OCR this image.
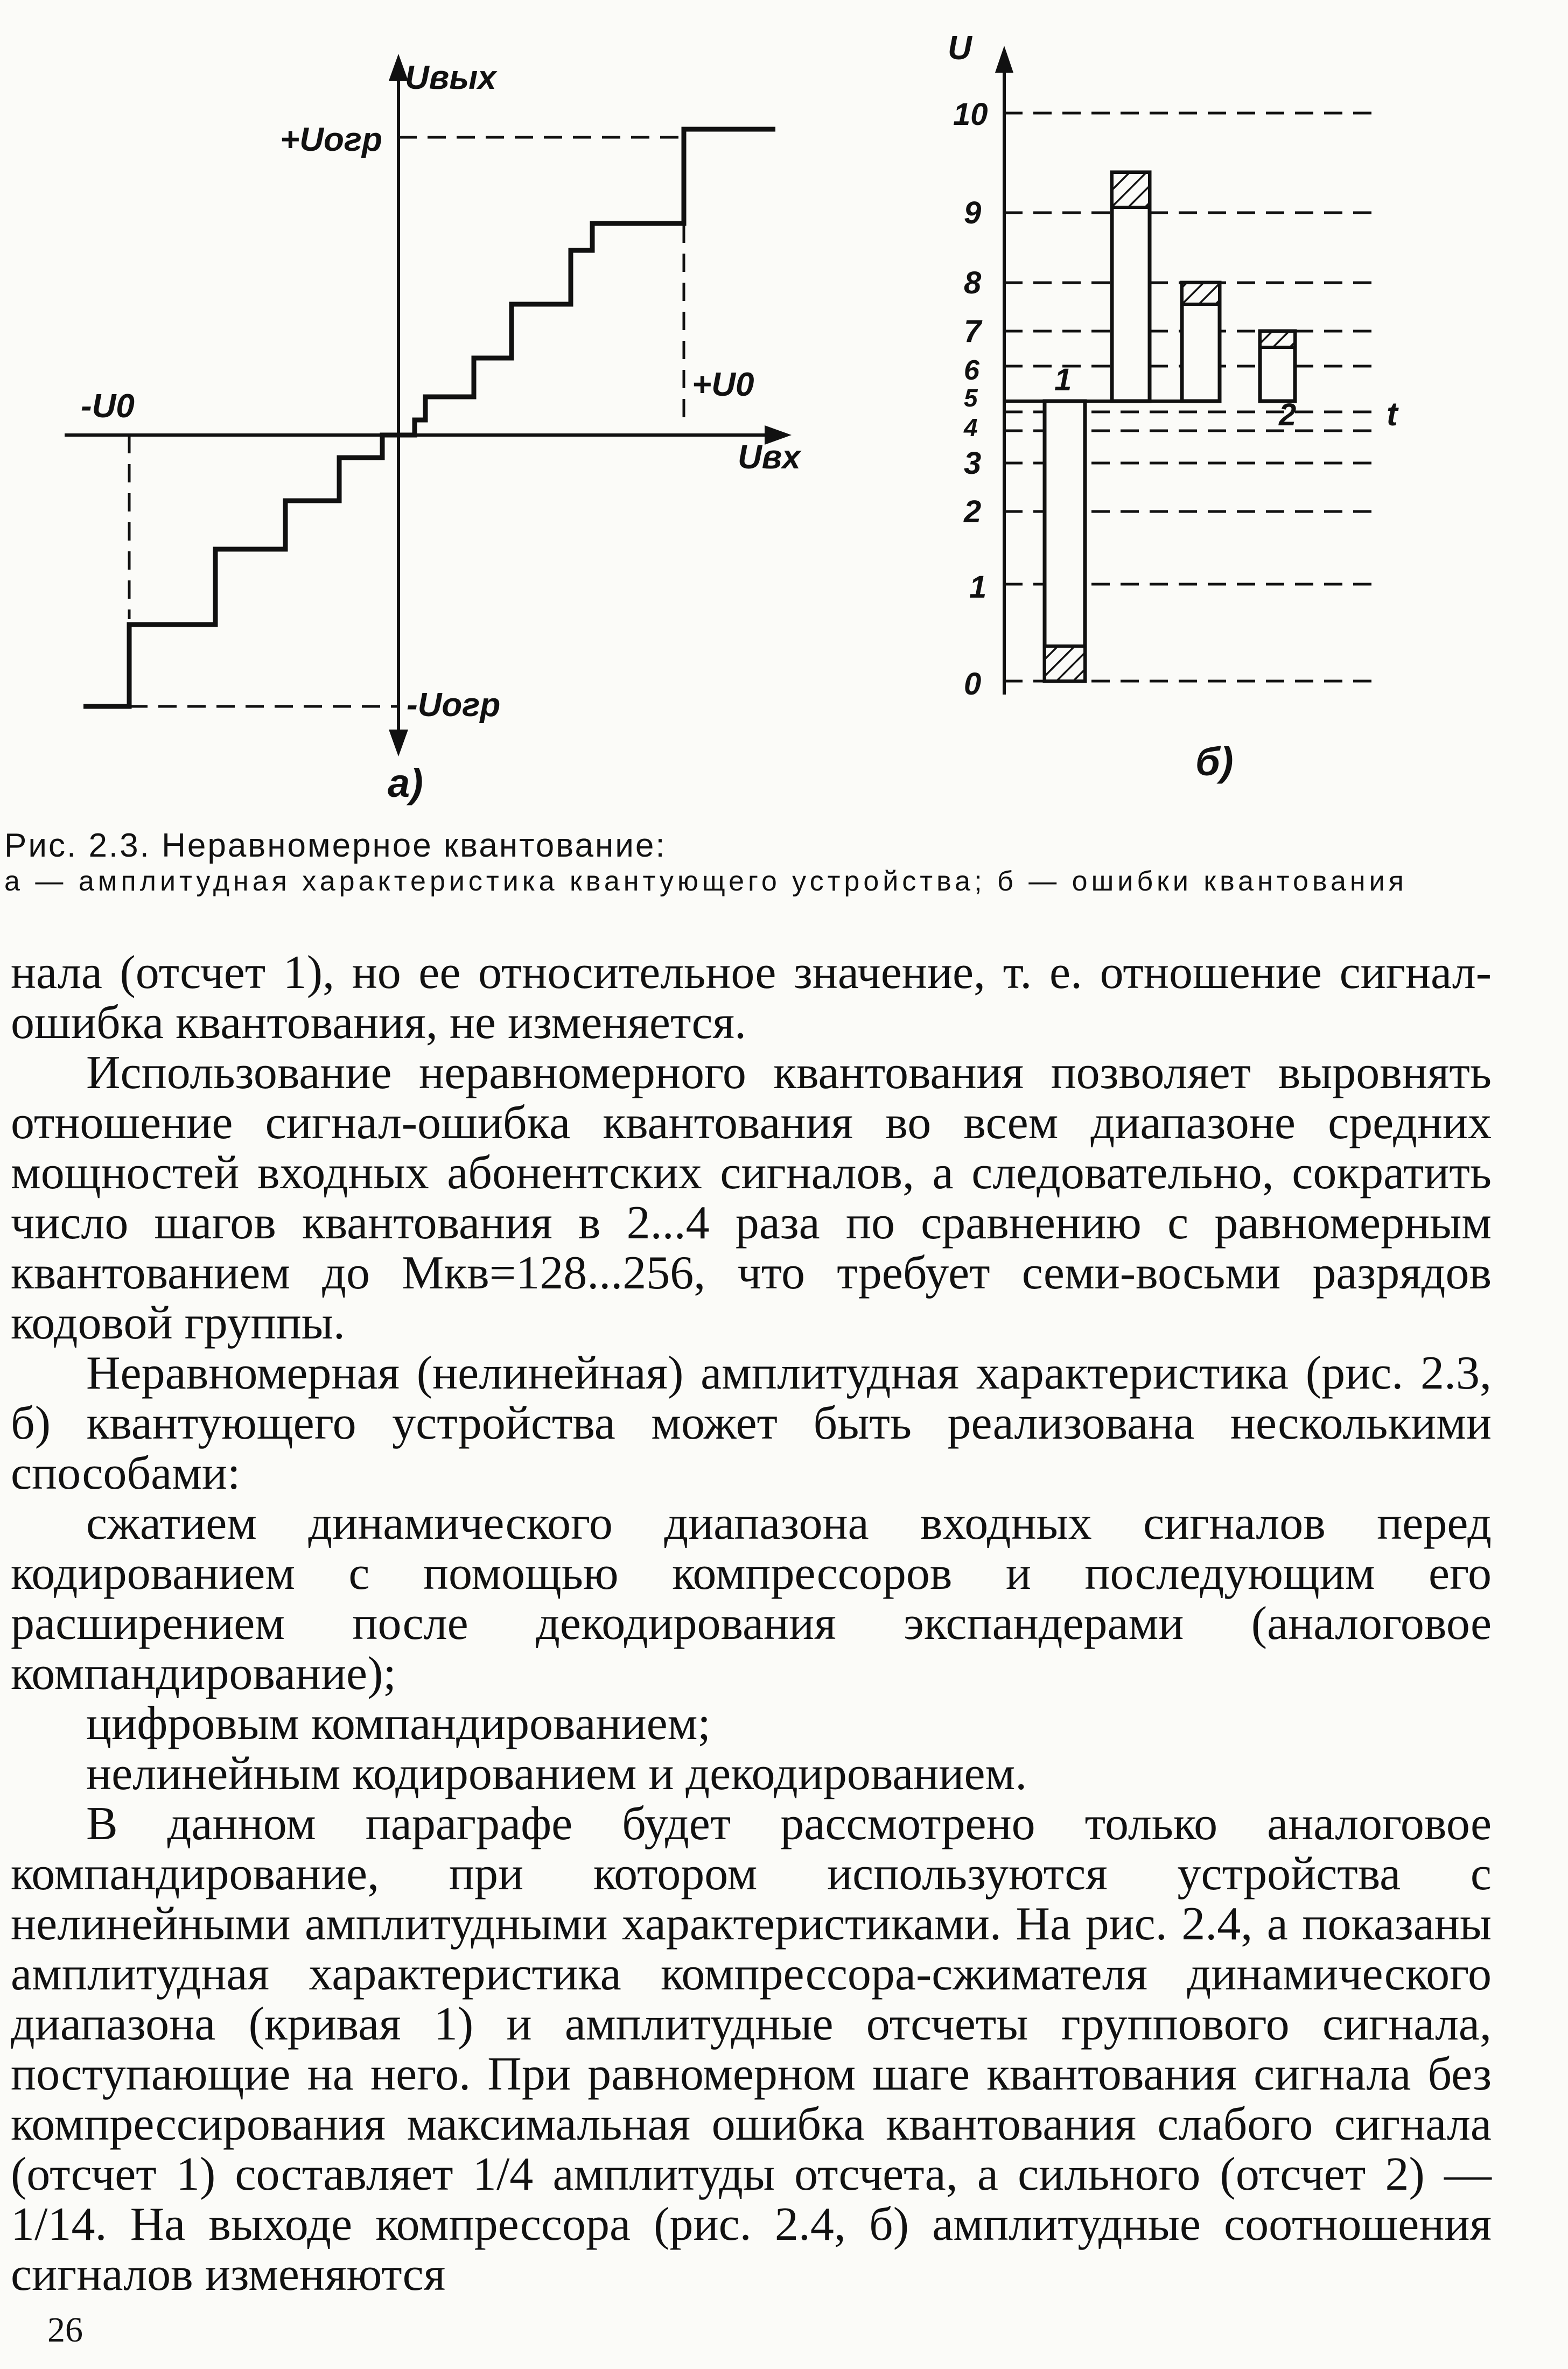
Uвых
+Uогр
-U0
+U0
Uвх
-Uогр
а)
U
10
9
8
7
6
5
4
3
2
1
0
1
2	t
б)
Рис. 2.3. Неравномерное квантование:
а — амплитудная характеристика квантующего устройства; б — ошибки квантования

нала (отсчет 1), но ее относительное значение, т. е. отношение сигнал-ошибка квантования, не изменяется.

Использование неравномерного квантования позволяет выровнять отношение сигнал-ошибка квантования во всем диапазоне средних мощностей входных абонентских сигналов, а следовательно, сократить число шагов квантования в 2...4 раза по сравнению с равномерным квантованием до Mкв=128...256, что требует семи-восьми разрядов кодовой группы.

Неравномерная (нелинейная) амплитудная характеристика (рис. 2.3, б) квантующего устройства может быть реализована несколькими способами:

сжатием динамического диапазона входных сигналов перед кодированием с помощью компрессоров и последующим его расширением после декодирования экспандерами (аналоговое компандирование);

цифровым компандированием;

нелинейным кодированием и декодированием.

В данном параграфе будет рассмотрено только аналоговое компандирование, при котором используются устройства с нелинейными амплитудными характеристиками. На рис. 2.4, а показаны амплитудная характеристика компрессора-сжимателя динамического диапазона (кривая 1) и амплитудные отсчеты группового сигнала, поступающие на него. При равномерном шаге квантования сигнала без компрессирования максимальная ошибка квантования слабого сигнала (отсчет 1) составляет 1/4 амплитуды отсчета, а сильного (отсчет 2) — 1/14. На выходе компрессора (рис. 2.4, б) амплитудные соотношения сигналов изменяются

26
